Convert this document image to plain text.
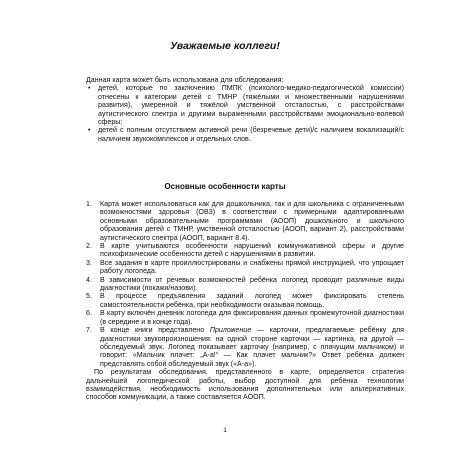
Уважаемые коллеги!
Данная карта может быть использована для обследования:
• детей, которые по заключению ПМПК (психолого-медико-педагогической комиссии) отнесены к категории детей с ТМНР (тяжёлыми и множественными нарушениями развития), умеренной и тяжёлой умственной отсталостью, с расстройствами аутистического спектра и другими выраженными расстройствами эмоционально-волевой сферы;
• детей с полным отсутствием активной речи (безречевые дети)/с наличием вокализаций/с наличием звукокомплексов и отдельных слов.
Основные особенности карты
1. Карта может использоваться как для дошкольника, так и для школьника с ограниченными возможностями здоровья (ОВЗ) в соответствии с примерными адаптированными основными образовательными программами (АООП) дошкольного и школьного образования детей с ТМНР, умственной отсталостью (АООП, вариант 2), расстройствами аутистического спектра (АООП, вариант 8.4).
2. В карте учитываются особенности нарушений коммуникативной сферы и другие психофизические особенности детей с нарушениями в развитии.
3. Все задания в карте проиллюстрированы и снабжены прямой инструкцией, что упрощает работу логопеда.
4. В зависимости от речевых возможностей ребёнка логопед проводит различные виды диагностики (покажи/назови).
5. В процессе предъявления заданий логопед может фиксировать степень самостоятельности ребёнка, при необходимости оказывая помощь.
6. В карту включён дневник логопеда для фиксирования данных промежуточной диагностики (в середине и в конце года).
7. В конце книги представлено Приложение — карточки, предлагаемые ребёнку для диагностики звукопроизношения: на одной стороне карточки — картинка, на другой — обследуемый звук. Логопед показывает карточку (например, с плачущим мальчиком) и говорит: «Мальчик плачет: „А-а!“ — Как плачет мальчик?» Ответ ребёнка должен представлять собой обследуемый звук («А-а»).
По результатам обследования, представленного в карте, определяется стратегия дальнейшей логопедической работы, выбор доступной для ребёнка технологии взаимодействия, необходимость использования дополнительных или альтернативных способов коммуникации, а также составляется АООП.
1
